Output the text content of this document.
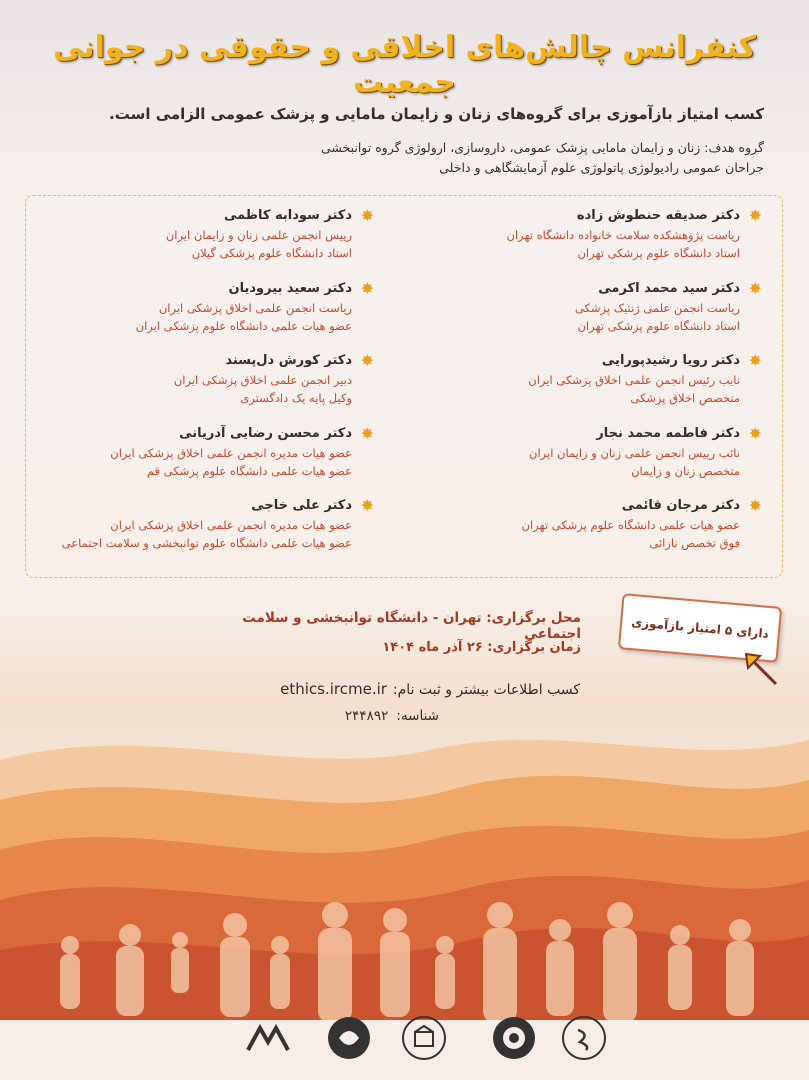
کنفرانس چالش‌های اخلاقی و حقوقی در جوانی جمعیت
کسب امتیاز بازآموزی برای گروه‌های زنان و زایمان مامایی و پزشک عمومی الزامی است.
گروه هدف: زنان و زایمان مامایی پزشک عمومی، داروسازی، ارولوژی گروه توانبخشی
جراحان عمومی رادیولوژی پاتولوژی علوم آزمایشگاهی و داخلی
✸
دکتر صدیقه حنطوش زاده
ریاست پژوهشکده سلامت خانواده دانشگاه تهران
استاد دانشگاه علوم پزشکی تهران
✸
دکتر سید محمد اکرمی
ریاست انجمن علمی ژنتیک پزشکی
استاد دانشگاه علوم پزشکی تهران
✸
دکتر رویا رشیدپورایی
نایب رئیس انجمن علمی اخلاق پزشکی ایران
متخصص اخلاق پزشکی
✸
دکتر فاطمه محمد نجار
نائب رییس انجمن علمی زنان و زایمان ایران
متخصص زنان و زایمان
✸
دکتر مرجان قائمی
عضو هیات علمی دانشگاه علوم پزشکی تهران
فوق تخصص نازائی
✸
دکتر سودابه کاظمی
رییس انجمن علمی زنان و زایمان ایران
استاد دانشگاه علوم پزشکی گیلان
✸
دکتر سعید بیرودیان
ریاست انجمن علمی اخلاق پزشکی ایران
عضو هیات علمی دانشگاه علوم پزشکی ایران
✸
دکتر کورش دل‌پسند
دبیر انجمن علمی اخلاق پزشکی ایران
وکیل پایه یک دادگستری
✸
دکتر محسن رضایی آدریانی
عضو هیات مدیره انجمن علمی اخلاق پزشکی ایران
عضو هیات علمی دانشگاه علوم پزشکی قم
✸
دکتر علی خاجی
عضو هیات مدیره انجمن علمی اخلاق پزشکی ایران
عضو هیات علمی دانشگاه علوم توانبخشی و سلامت اجتماعی
محل برگزاری: تهران - دانشگاه توانبخشی و سلامت اجتماعی
زمان برگزاری: ۲۶ آذر ماه ۱۴۰۴
دارای ۵ امتیاز بازآموزی
کسب اطلاعات بیشتر و ثبت نام:
ethics.ircme.ir
شناسه:
۲۴۴۸۹۲
